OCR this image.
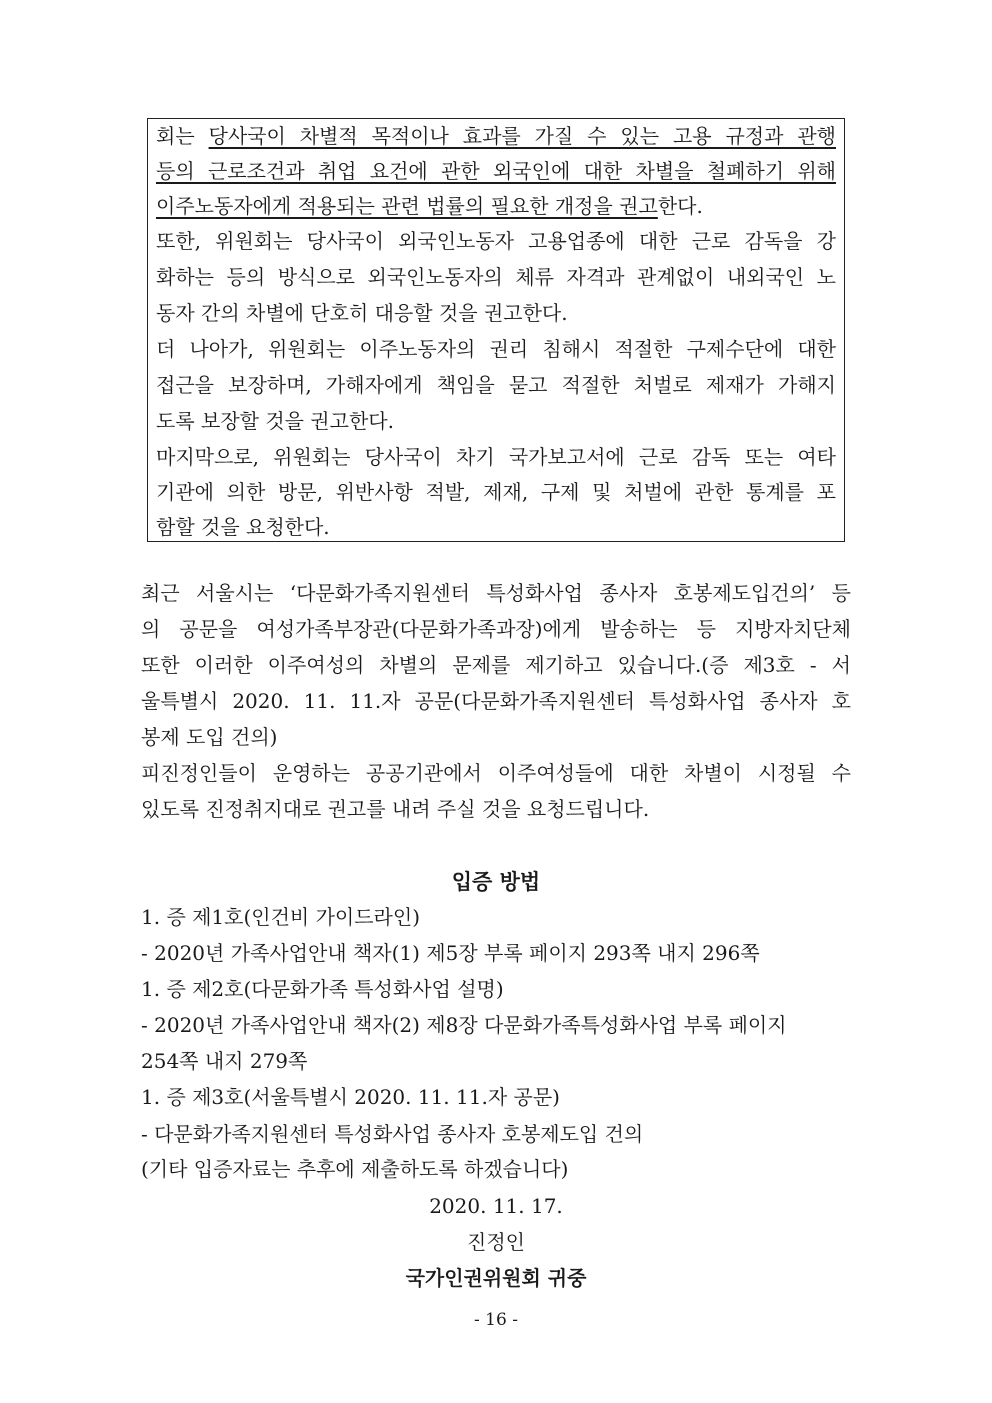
회는 당사국이 차별적 목적이나 효과를 가질 수 있는 고용 규정과 관행
등의 근로조건과 취업 요건에 관한 외국인에 대한 차별을 철폐하기 위해
이주노동자에게 적용되는 관련 법률의 필요한 개정을 권고한다.
또한, 위원회는 당사국이 외국인노동자 고용업종에 대한 근로 감독을 강
화하는 등의 방식으로 외국인노동자의 체류 자격과 관계없이 내외국인 노
동자 간의 차별에 단호히 대응할 것을 권고한다.
더 나아가, 위원회는 이주노동자의 권리 침해시 적절한 구제수단에 대한
접근을 보장하며, 가해자에게 책임을 묻고 적절한 처벌로 제재가 가해지
도록 보장할 것을 권고한다.
마지막으로, 위원회는 당사국이 차기 국가보고서에 근로 감독 또는 여타
기관에 의한 방문, 위반사항 적발, 제재, 구제 및 처벌에 관한 통계를 포
함할 것을 요청한다.
최근 서울시는 ‘다문화가족지원센터 특성화사업 종사자 호봉제도입건의’ 등
의 공문을 여성가족부장관(다문화가족과장)에게 발송하는 등 지방자치단체
또한 이러한 이주여성의 차별의 문제를 제기하고 있습니다.(증 제3호 - 서
울특별시 2020. 11. 11.자 공문(다문화가족지원센터 특성화사업 종사자 호
봉제 도입 건의)
피진정인들이 운영하는 공공기관에서 이주여성들에 대한 차별이 시정될 수
있도록 진정취지대로 권고를 내려 주실 것을 요청드립니다.
입증 방법
1. 증 제1호(인건비 가이드라인)
- 2020년 가족사업안내 책자(1) 제5장 부록 페이지 293쪽 내지 296쪽
1. 증 제2호(다문화가족 특성화사업 설명)
- 2020년 가족사업안내 책자(2) 제8장 다문화가족특성화사업 부록 페이지
254쪽 내지 279쪽
1. 증 제3호(서울특별시 2020. 11. 11.자 공문)
- 다문화가족지원센터 특성화사업 종사자 호봉제도입 건의
(기타 입증자료는 추후에 제출하도록 하겠습니다)
2020. 11. 17.
진정인
국가인권위원회 귀중
- 16 -
